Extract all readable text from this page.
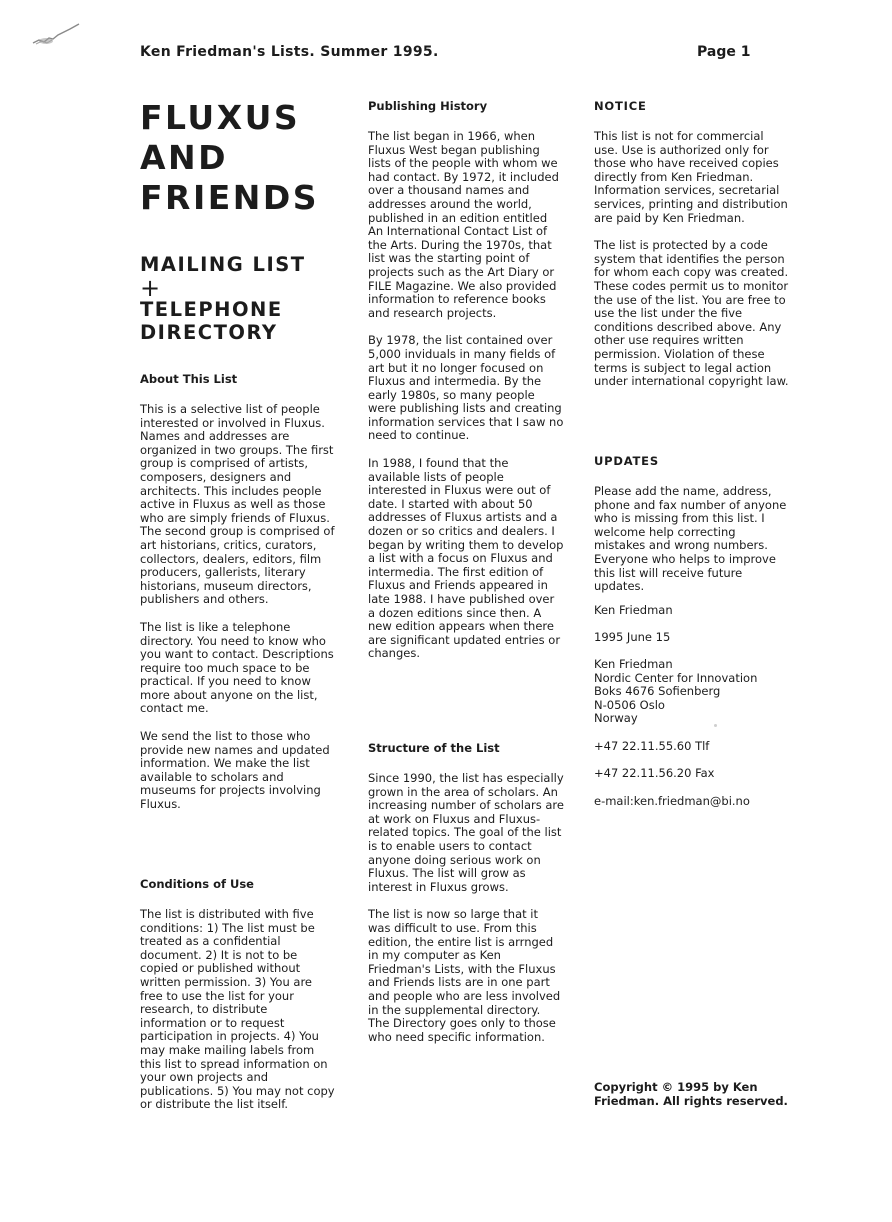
Ken Friedman's Lists. Summer 1995.	Page 1
FLUXUS
AND
FRIENDS
MAILING LIST
+
TELEPHONE
DIRECTORY

About This List

This is a selective list of people interested or involved in Fluxus. Names and addresses are organized in two groups. The first group is comprised of artists, composers, designers and architects. This includes people active in Fluxus as well as those who are simply friends of Fluxus. The second group is comprised of art historians, critics, curators, collectors, dealers, editors, film producers, gallerists, literary historians, museum directors, publishers and others.

The list is like a telephone directory. You need to know who you want to contact. Descriptions require too much space to be practical. If you need to know more about anyone on the list, contact me.

We send the list to those who provide new names and updated information. We make the list available to scholars and museums for projects involving Fluxus.

Conditions of Use

The list is distributed with five conditions: 1) The list must be treated as a confidential document. 2) It is not to be copied or published without written permission. 3) You are free to use the list for your research, to distribute information or to request participation in projects. 4) You may make mailing labels from this list to spread information on your own projects and publications. 5) You may not copy or distribute the list itself.

Publishing History

The list began in 1966, when Fluxus West began publishing lists of the people with whom we had contact. By 1972, it included over a thousand names and addresses around the world, published in an edition entitled An International Contact List of the Arts. During the 1970s, that list was the starting point of projects such as the Art Diary or FILE Magazine. We also provided information to reference books and research projects.

By 1978, the list contained over 5,000 inviduals in many fields of art but it no longer focused on Fluxus and intermedia. By the early 1980s, so many people were publishing lists and creating information services that I saw no need to continue.

In 1988, I found that the available lists of people interested in Fluxus were out of date. I started with about 50 addresses of Fluxus artists and a dozen or so critics and dealers. I began by writing them to develop a list with a focus on Fluxus and intermedia. The first edition of Fluxus and Friends appeared in late 1988. I have published over a dozen editions since then. A new edition appears when there are significant updated entries or changes.

Structure of the List

Since 1990, the list has especially grown in the area of scholars. An increasing number of scholars are at work on Fluxus and Fluxus-related topics. The goal of the list is to enable users to contact anyone doing serious work on Fluxus. The list will grow as interest in Fluxus grows.

The list is now so large that it was difficult to use. From this edition, the entire list is arrnged in my computer as Ken Friedman's Lists, with the Fluxus and Friends lists are in one part and people who are less involved in the supplemental directory. The Directory goes only to those who need specific information.

NOTICE

This list is not for commercial use. Use is authorized only for those who have received copies directly from Ken Friedman. Information services, secretarial services, printing and distribution are paid by Ken Friedman.

The list is protected by a code system that identifies the person for whom each copy was created. These codes permit us to monitor the use of the list. You are free to use the list under the five conditions described above. Any other use requires written permission. Violation of these terms is subject to legal action under international copyright law.

UPDATES

Please add the name, address, phone and fax number of anyone who is missing from this list. I welcome help correcting mistakes and wrong numbers. Everyone who helps to improve this list will receive future updates.

Ken Friedman

1995 June 15

Ken Friedman
Nordic Center for Innovation
Boks 4676 Sofienberg
N-0506 Oslo
Norway

+47 22.11.55.60 Tlf

+47 22.11.56.20 Fax

e-mail:ken.friedman@bi.no

Copyright © 1995 by Ken Friedman. All rights reserved.
